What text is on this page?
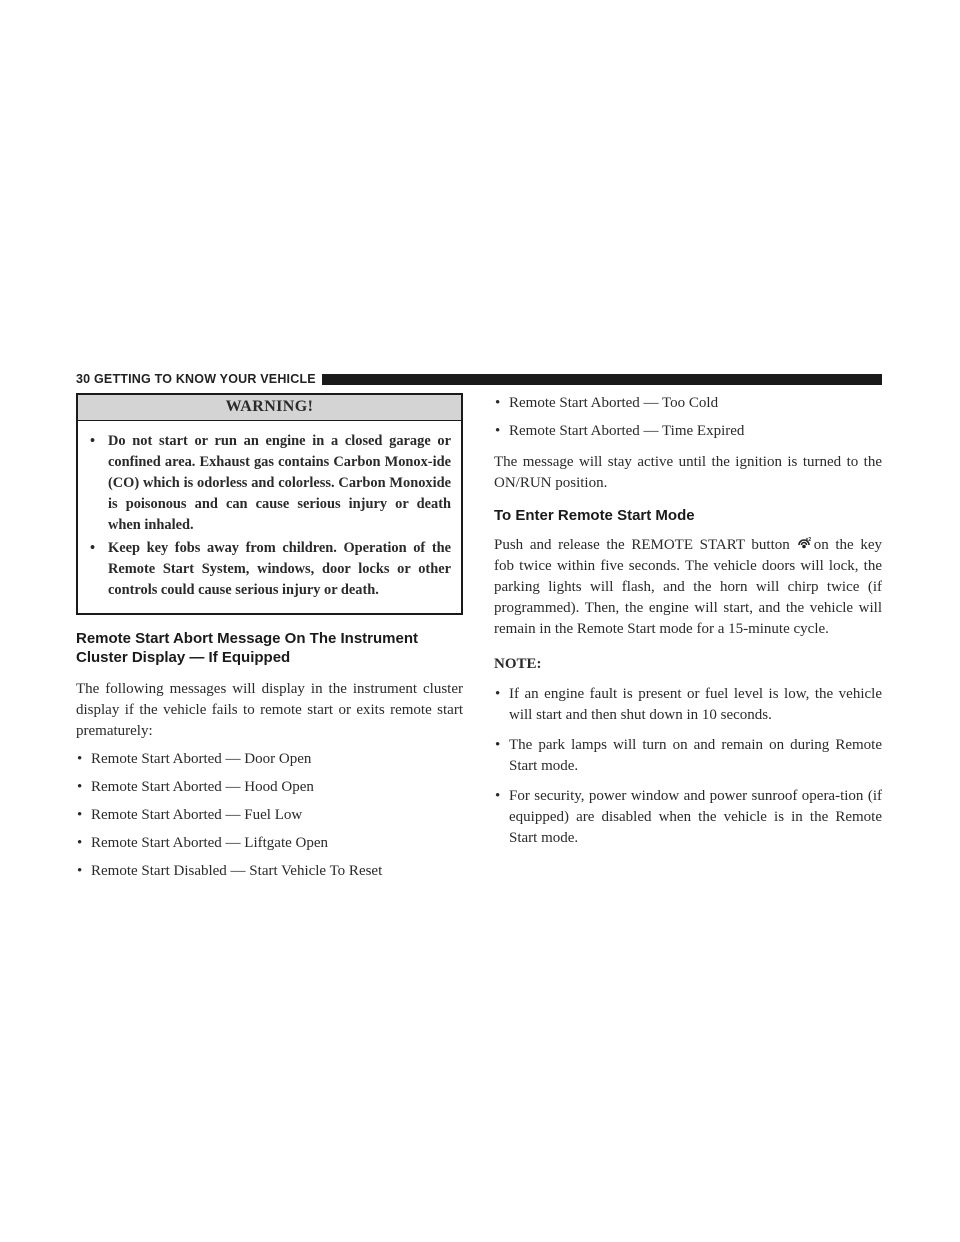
30 GETTING TO KNOW YOUR VEHICLE
WARNING!
• Do not start or run an engine in a closed garage or confined area. Exhaust gas contains Carbon Monox-ide (CO) which is odorless and colorless. Carbon Monoxide is poisonous and can cause serious injury or death when inhaled.
• Keep key fobs away from children. Operation of the Remote Start System, windows, door locks or other controls could cause serious injury or death.
Remote Start Abort Message On The Instrument Cluster Display — If Equipped

The following messages will display in the instrument cluster display if the vehicle fails to remote start or exits remote start prematurely:

• Remote Start Aborted — Door Open
• Remote Start Aborted — Hood Open
• Remote Start Aborted — Fuel Low
• Remote Start Aborted — Liftgate Open
• Remote Start Disabled — Start Vehicle To Reset
• Remote Start Aborted — Too Cold
• Remote Start Aborted — Time Expired

The message will stay active until the ignition is turned to the ON/RUN position.

To Enter Remote Start Mode

Push and release the REMOTE START button	×2 on the key fob twice within five seconds. The vehicle doors will lock, the parking lights will flash, and the horn will chirp twice (if programmed). Then, the engine will start, and the vehicle will remain in the Remote Start mode for a 15-minute cycle.

NOTE:
• If an engine fault is present or fuel level is low, the vehicle will start and then shut down in 10 seconds.
• The park lamps will turn on and remain on during Remote Start mode.
• For security, power window and power sunroof opera-tion (if equipped) are disabled when the vehicle is in the Remote Start mode.
